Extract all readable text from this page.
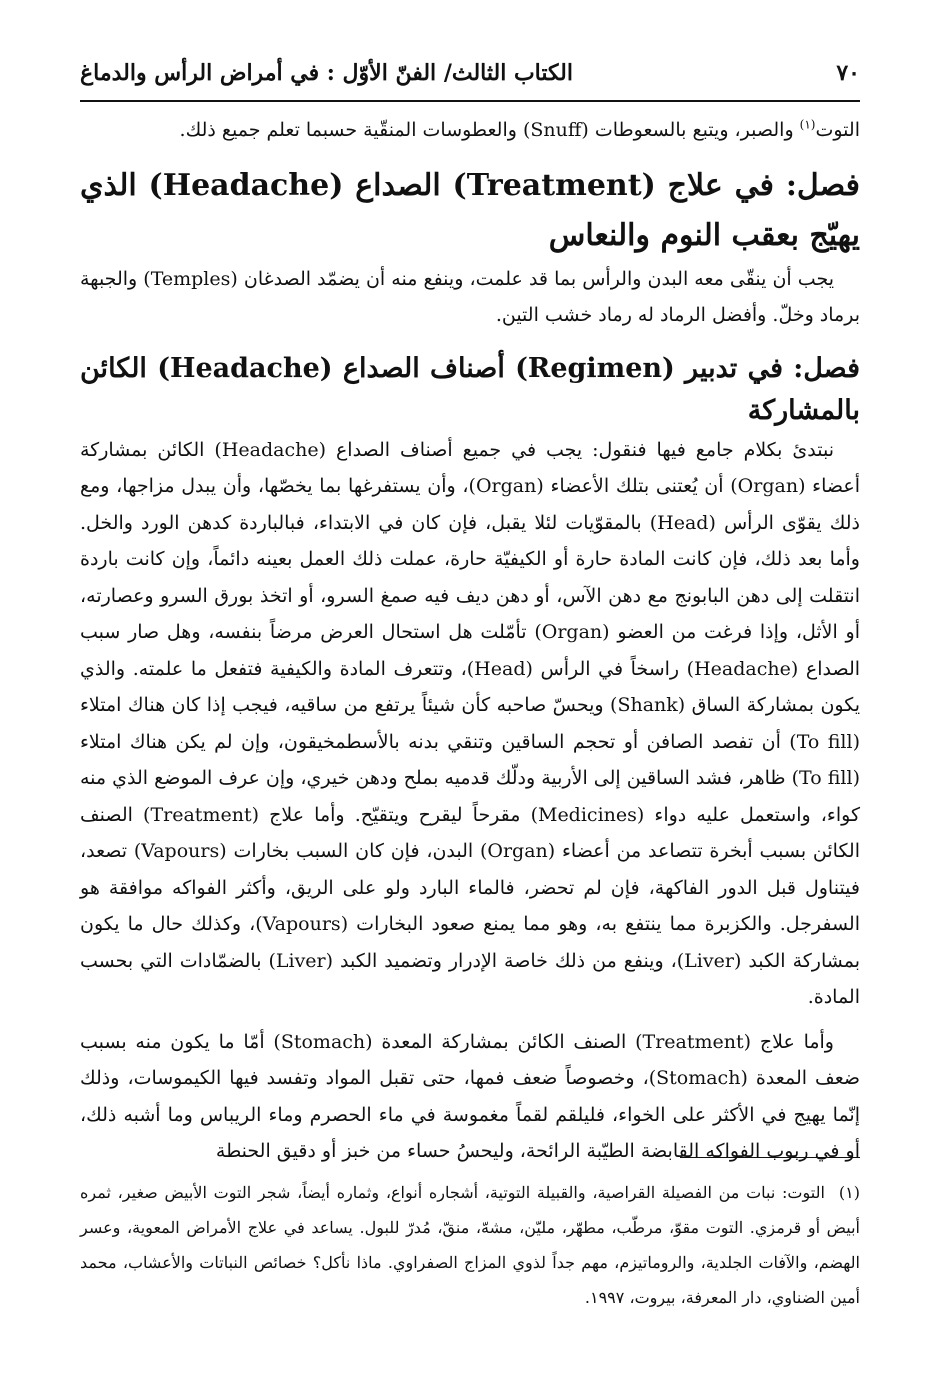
٧٠
الكتاب الثالث/ الفنّ الأوّل : في أمراض الرأس والدماغ

التوت$^{(١)}$ والصبر، ويتبع بالسعوطات (Snuff) والعطوسات المنقّية حسبما تعلم جميع ذلك.

فصل: في علاج (Treatment) الصداع (Headache) الذي يهيّج بعقب النوم والنعاس

يجب أن ينقّى معه البدن والرأس بما قد علمت، وينفع منه أن يضمّد الصدغان (Temples) والجبهة برماد وخلّ. وأفضل الرماد له رماد خشب التين.

فصل: في تدبير (Regimen) أصناف الصداع (Headache) الكائن بالمشاركة

نبتدئ بكلام جامع فيها فنقول: يجب في جميع أصناف الصداع (Headache) الكائن بمشاركة أعضاء (Organ) أن يُعتنى بتلك الأعضاء (Organ)، وأن يستفرغها بما يخصّها، وأن يبدل مزاجها، ومع ذلك يقوّى الرأس (Head) بالمقوّيات لئلا يقبل، فإن كان في الابتداء، فبالباردة كدهن الورد والخل. وأما بعد ذلك، فإن كانت المادة حارة أو الكيفيّة حارة، عملت ذلك العمل بعينه دائماً، وإن كانت باردة انتقلت إلى دهن البابونج مع دهن الآس، أو دهن ديف فيه صمغ السرو، أو اتخذ بورق السرو وعصارته، أو الأثل، وإذا فرغت من العضو (Organ) تأمّلت هل استحال العرض مرضاً بنفسه، وهل صار سبب الصداع (Headache) راسخاً في الرأس (Head)، وتتعرف المادة والكيفية فتفعل ما علمته. والذي يكون بمشاركة الساق (Shank) ويحسّ صاحبه كأن شيئاً يرتفع من ساقيه، فيجب إذا كان هناك امتلاء (To fill) أن تفصد الصافن أو تحجم الساقين وتنقي بدنه بالأسطمخيقون، وإن لم يكن هناك امتلاء (To fill) ظاهر، فشد الساقين إلى الأربية ودلّك قدميه بملح ودهن خيري، وإن عرف الموضع الذي منه كواء، واستعمل عليه دواء (Medicines) مقرحاً ليقرح ويتقيّح. وأما علاج (Treatment) الصنف الكائن بسبب أبخرة تتصاعد من أعضاء (Organ) البدن، فإن كان السبب بخارات (Vapours) تصعد، فيتناول قبل الدور الفاكهة، فإن لم تحضر، فالماء البارد ولو على الريق، وأكثر الفواكه موافقة هو السفرجل. والكزبرة مما ينتفع به، وهو مما يمنع صعود البخارات (Vapours)، وكذلك حال ما يكون بمشاركة الكبد (Liver)، وينفع من ذلك خاصة الإدرار وتضميد الكبد (Liver) بالضمّادات التي بحسب المادة.

وأما علاج (Treatment) الصنف الكائن بمشاركة المعدة (Stomach) أمّا ما يكون منه بسبب ضعف المعدة (Stomach)، وخصوصاً ضعف فمها، حتى تقبل المواد وتفسد فيها الكيموسات، وذلك إنّما يهيج في الأكثر على الخواء، فليلقم لقماً مغموسة في ماء الحصرم وماء الريباس وما أشبه ذلك، أو في ربوب الفواكه القابضة الطيّبة الرائحة، وليحسُ حساء من خبز أو دقيق الحنطة

(١)التوت: نبات من الفصيلة القراصية، والقبيلة التوتية، أشجاره أنواع، وثماره أيضاً، شجر التوت الأبيض صغير، ثمره أبيض أو قرمزي. التوت مقوّ، مرطّب، مطهّر، مليّن، مشهّ، منقّ، مُدرّ للبول. يساعد في علاج الأمراض المعوية، وعسر الهضم، والآفات الجلدية، والروماتيزم، مهم جداً لذوي المزاج الصفراوي. ماذا نأكل؟ خصائص النباتات والأعشاب، محمد أمين الضناوي، دار المعرفة، بيروت، ١٩٩٧.
